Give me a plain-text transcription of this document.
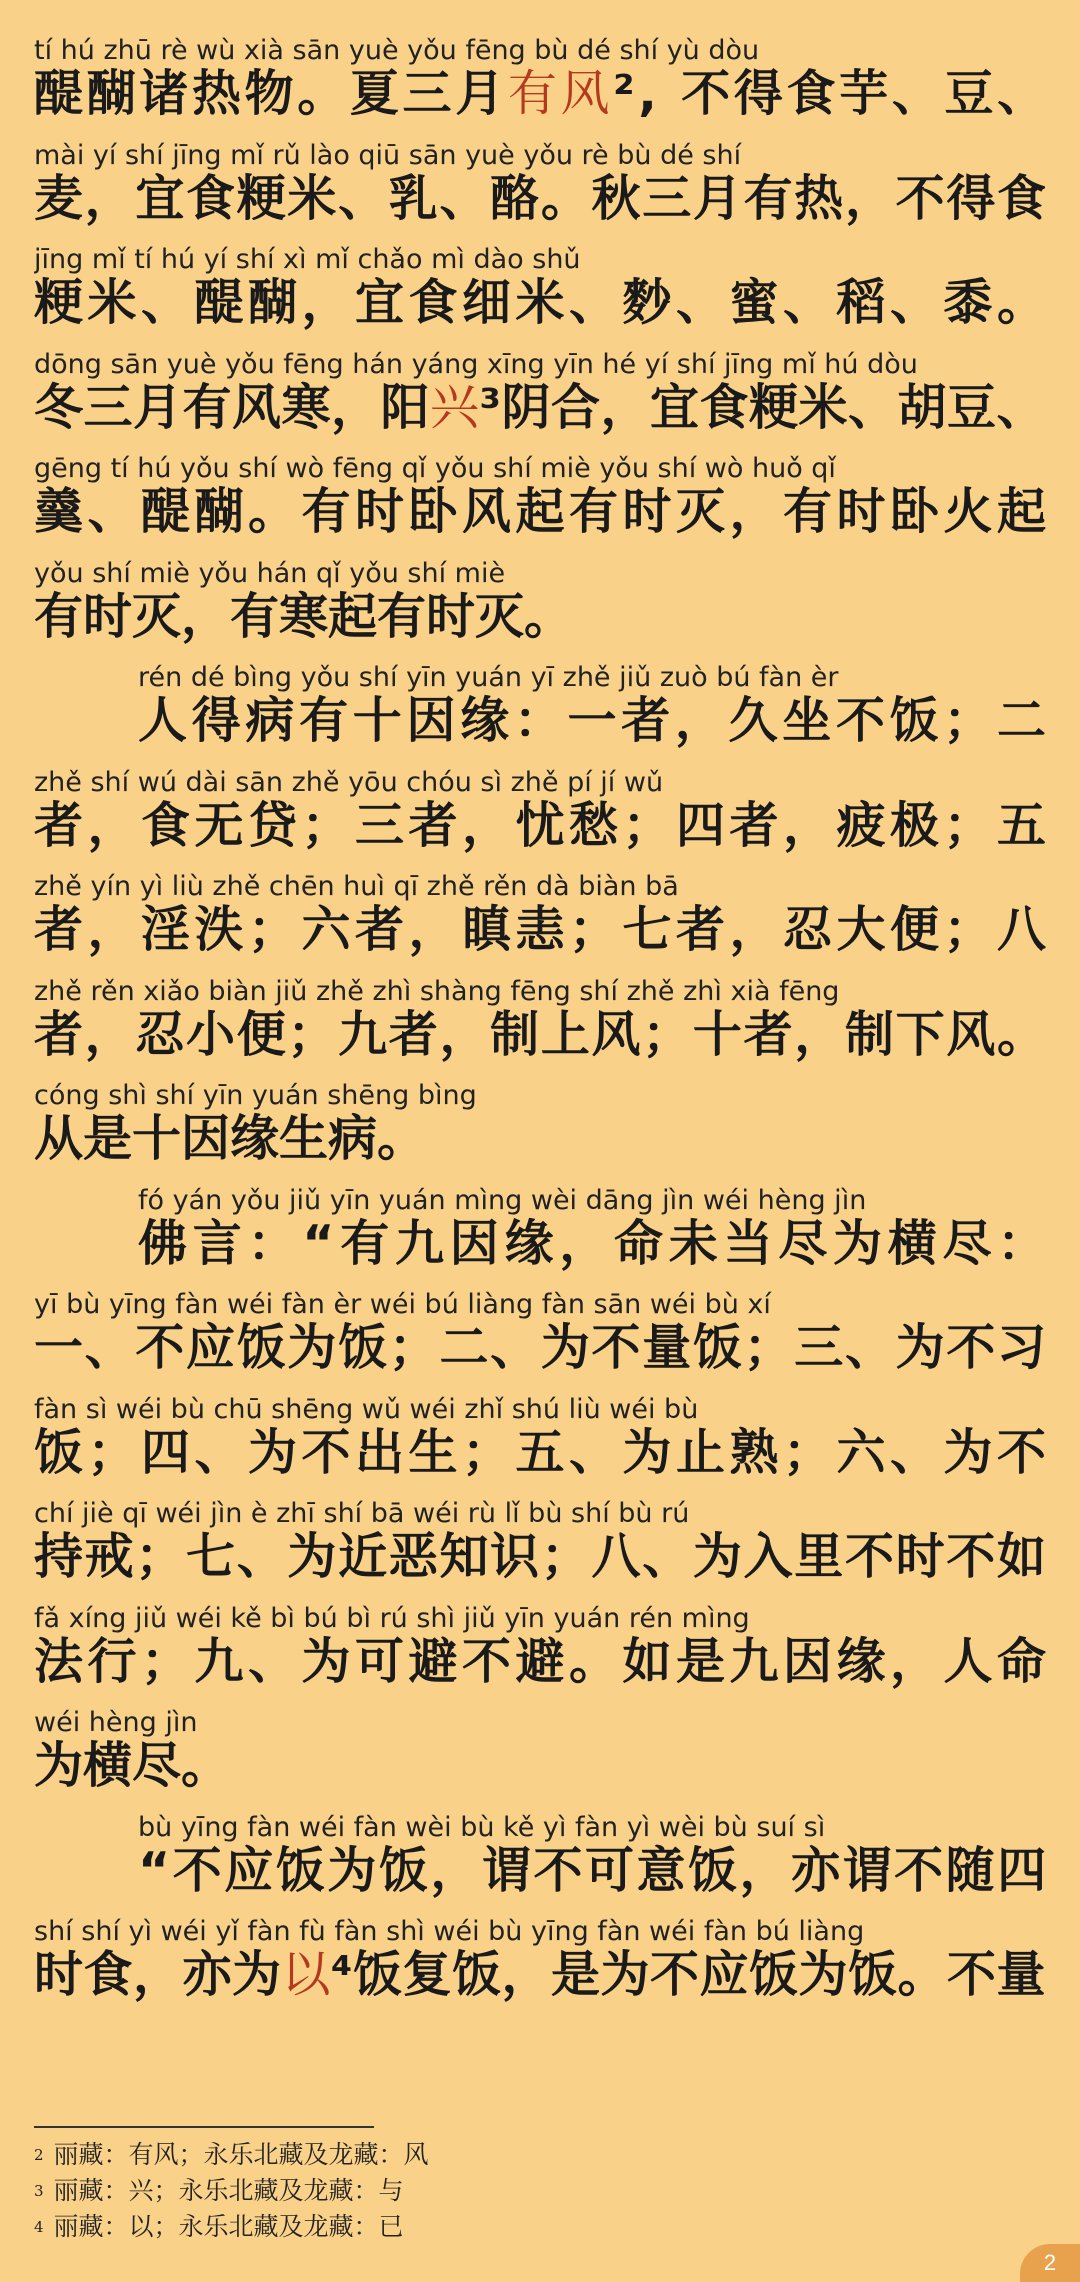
tí hú zhū rè wù xià sān yuè yǒu fēng bù dé shí yù dòu
醍醐诸热物。夏三月有风², 不得食芋、豆、
mài yí shí jīng mǐ rǔ lào qiū sān yuè yǒu rè bù dé shí
麦，宜食粳米、乳、酪。秋三月有热，不得食
jīng mǐ tí hú yí shí xì mǐ chǎo mì dào shǔ
粳米、醍醐，宜食细米、麨、蜜、稻、黍。
dōng sān yuè yǒu fēng hán yáng xīng yīn hé yí shí jīng mǐ hú dòu
冬三月有风寒，阳兴³阴合，宜食粳米、胡豆、
gēng tí hú yǒu shí wò fēng qǐ yǒu shí miè yǒu shí wò huǒ qǐ
羹、醍醐。有时卧风起有时灭，有时卧火起
yǒu shí miè yǒu hán qǐ yǒu shí miè
有时灭，有寒起有时灭。
rén dé bìng yǒu shí yīn yuán yī zhě jiǔ zuò bú fàn èr
人得病有十因缘：一者，久坐不饭；二
zhě shí wú dài sān zhě yōu chóu sì zhě pí jí wǔ
者，食无贷；三者，忧愁；四者，疲极；五
zhě yín yì liù zhě chēn huì qī zhě rěn dà biàn bā
者，淫泆；六者，瞋恚；七者，忍大便；八
zhě rěn xiǎo biàn jiǔ zhě zhì shàng fēng shí zhě zhì xià fēng
者，忍小便；九者，制上风；十者，制下风。
cóng shì shí yīn yuán shēng bìng
从是十因缘生病。
fó yán yǒu jiǔ yīn yuán mìng wèi dāng jìn wéi hèng jìn
佛言：“有九因缘，命未当尽为横尽：
yī bù yīng fàn wéi fàn èr wéi bú liàng fàn sān wéi bù xí
一、不应饭为饭；二、为不量饭；三、为不习
fàn sì wéi bù chū shēng wǔ wéi zhǐ shú liù wéi bù
饭；四、为不出生；五、为止熟；六、为不
chí jiè qī wéi jìn è zhī shí bā wéi rù lǐ bù shí bù rú
持戒；七、为近恶知识；八、为入里不时不如
fǎ xíng jiǔ wéi kě bì bú bì rú shì jiǔ yīn yuán rén mìng
法行；九、为可避不避。如是九因缘，人命
wéi hèng jìn
为横尽。
bù yīng fàn wéi fàn wèi bù kě yì fàn yì wèi bù suí sì
“不应饭为饭，谓不可意饭，亦谓不随四
shí shí yì wéi yǐ fàn fù fàn shì wéi bù yīng fàn wéi fàn bú liàng
时食，亦为以⁴饭复饭，是为不应饭为饭。不量
$^2$ 丽藏：有风；永乐北藏及龙藏：风
$^3$ 丽藏：兴；永乐北藏及龙藏：与
$^4$ 丽藏：以；永乐北藏及龙藏：已
2
